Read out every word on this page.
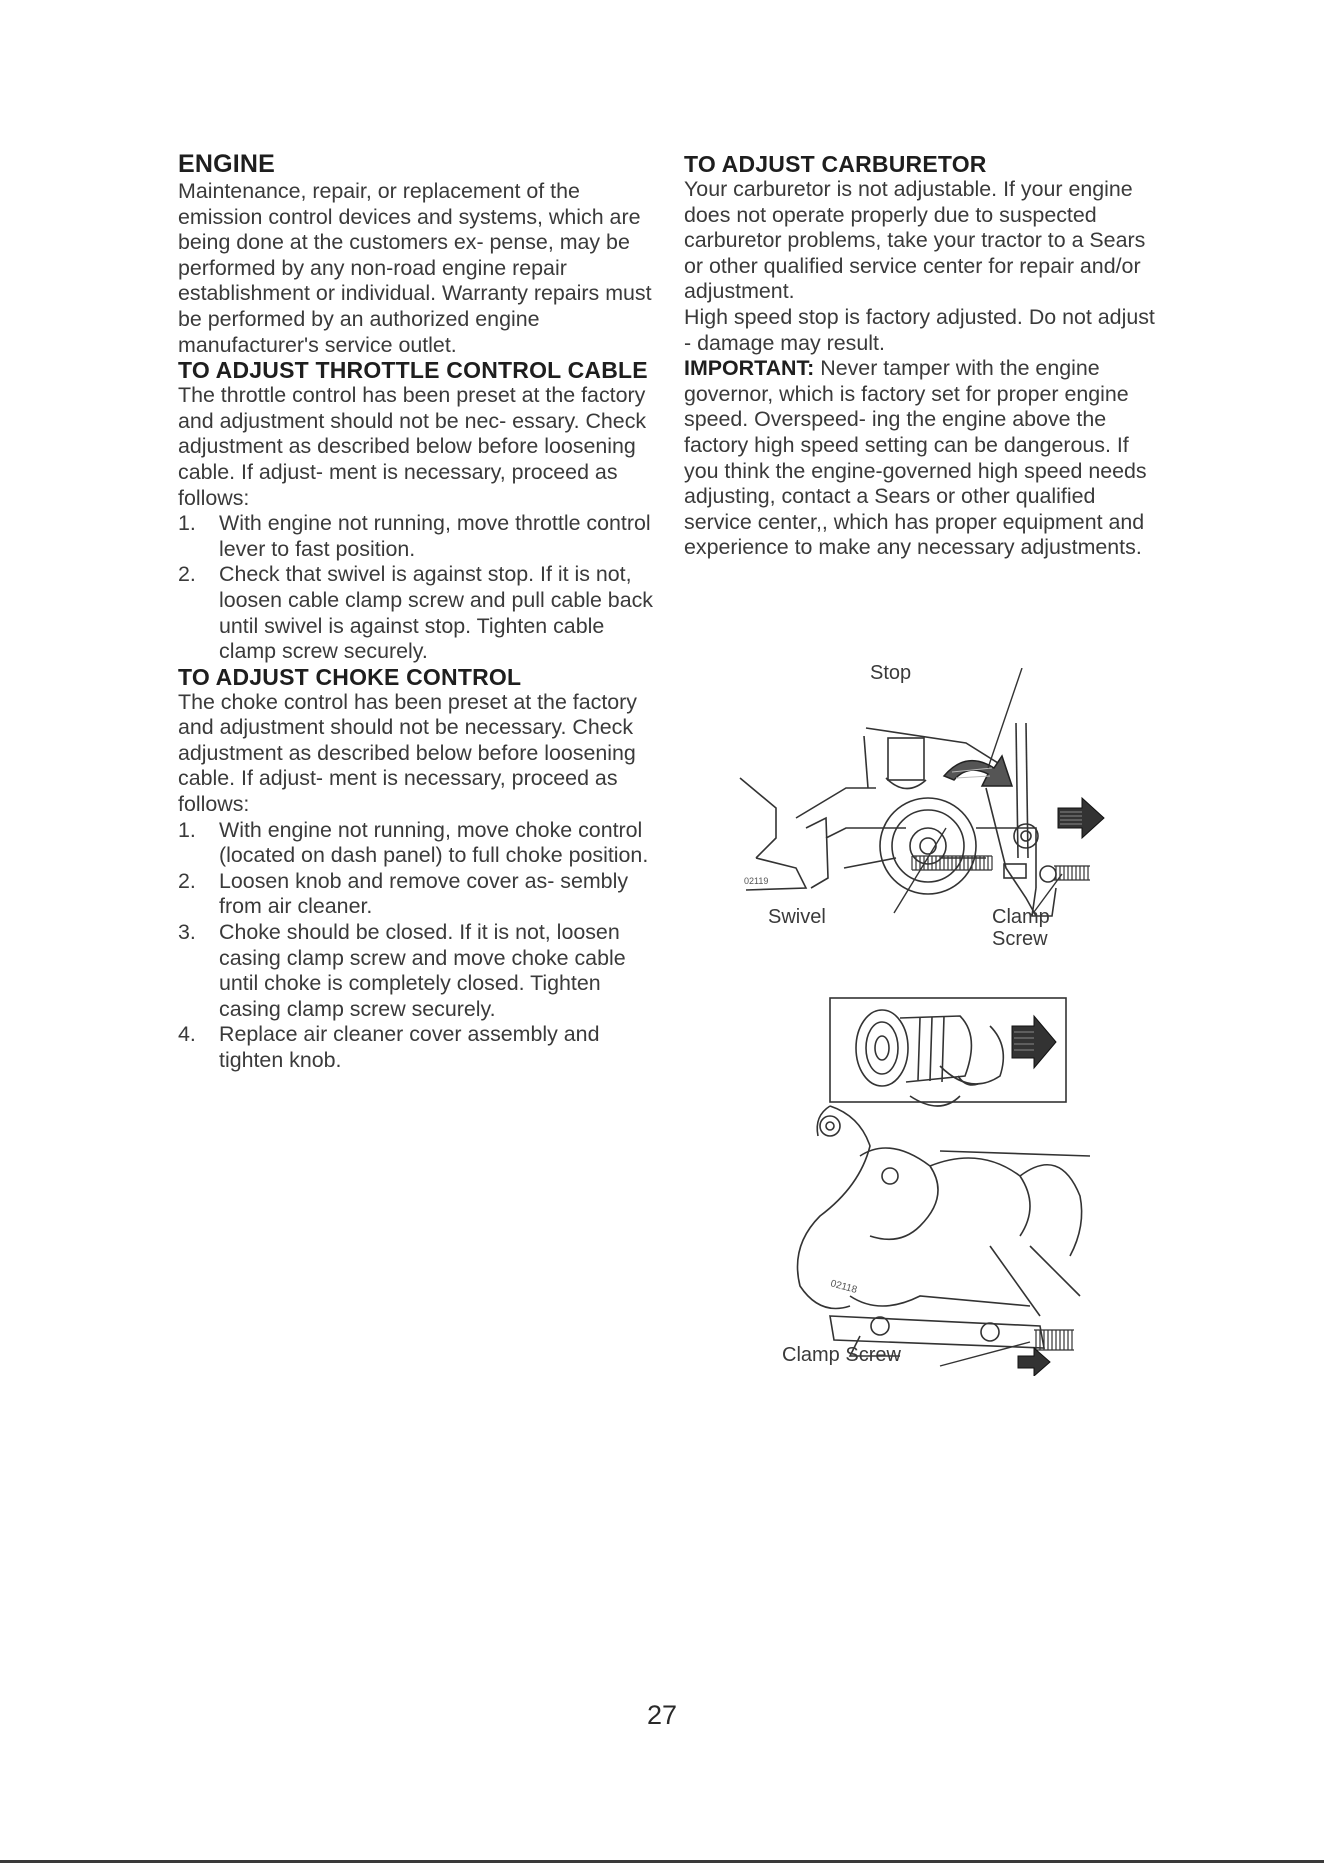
ENGINE

Maintenance, repair, or replacement of the emission control devices and systems, which are being done at the customers ex- pense, may be performed by any non-road engine repair establishment or individual. Warranty repairs must be performed by an authorized engine manufacturer's service outlet.

TO ADJUST THROTTLE CONTROL CABLE

The throttle control has been preset at the factory and adjustment should not be nec- essary. Check adjustment as described below before loosening cable. If adjust- ment is necessary, proceed as follows:

1. With engine not running, move throttle control lever to fast position.
2. Check that swivel is against stop. If it is not, loosen cable clamp screw and pull cable back until swivel is against stop. Tighten cable clamp screw securely.
TO ADJUST CHOKE CONTROL

The choke control has been preset at the factory and adjustment should not be necessary. Check adjustment as described below before loosening cable. If adjust- ment is necessary, proceed as follows:

1. With engine not running, move choke control (located on dash panel) to full choke position.
2. Loosen knob and remove cover as- sembly from air cleaner.
3. Choke should be closed. If it is not, loosen casing clamp screw and move choke cable until choke is completely closed. Tighten casing clamp screw securely.
4. Replace air cleaner cover assembly and tighten knob.
TO ADJUST CARBURETOR

Your carburetor is not adjustable. If your engine does not operate properly due to suspected carburetor problems, take your tractor to a Sears or other qualified service center for repair and/or adjustment.

High speed stop is factory adjusted. Do not adjust - damage may result.

IMPORTANT: Never tamper with the engine governor, which is factory set for proper engine speed. Overspeed- ing the engine above the factory high speed setting can be dangerous. If you think the engine-governed high speed needs adjusting, contact a Sears or other qualified service center,, which has proper equipment and experience to make any necessary adjustments.

02119
Stop
Swivel	Clamp
Screw
02118
Clamp Screw
27
